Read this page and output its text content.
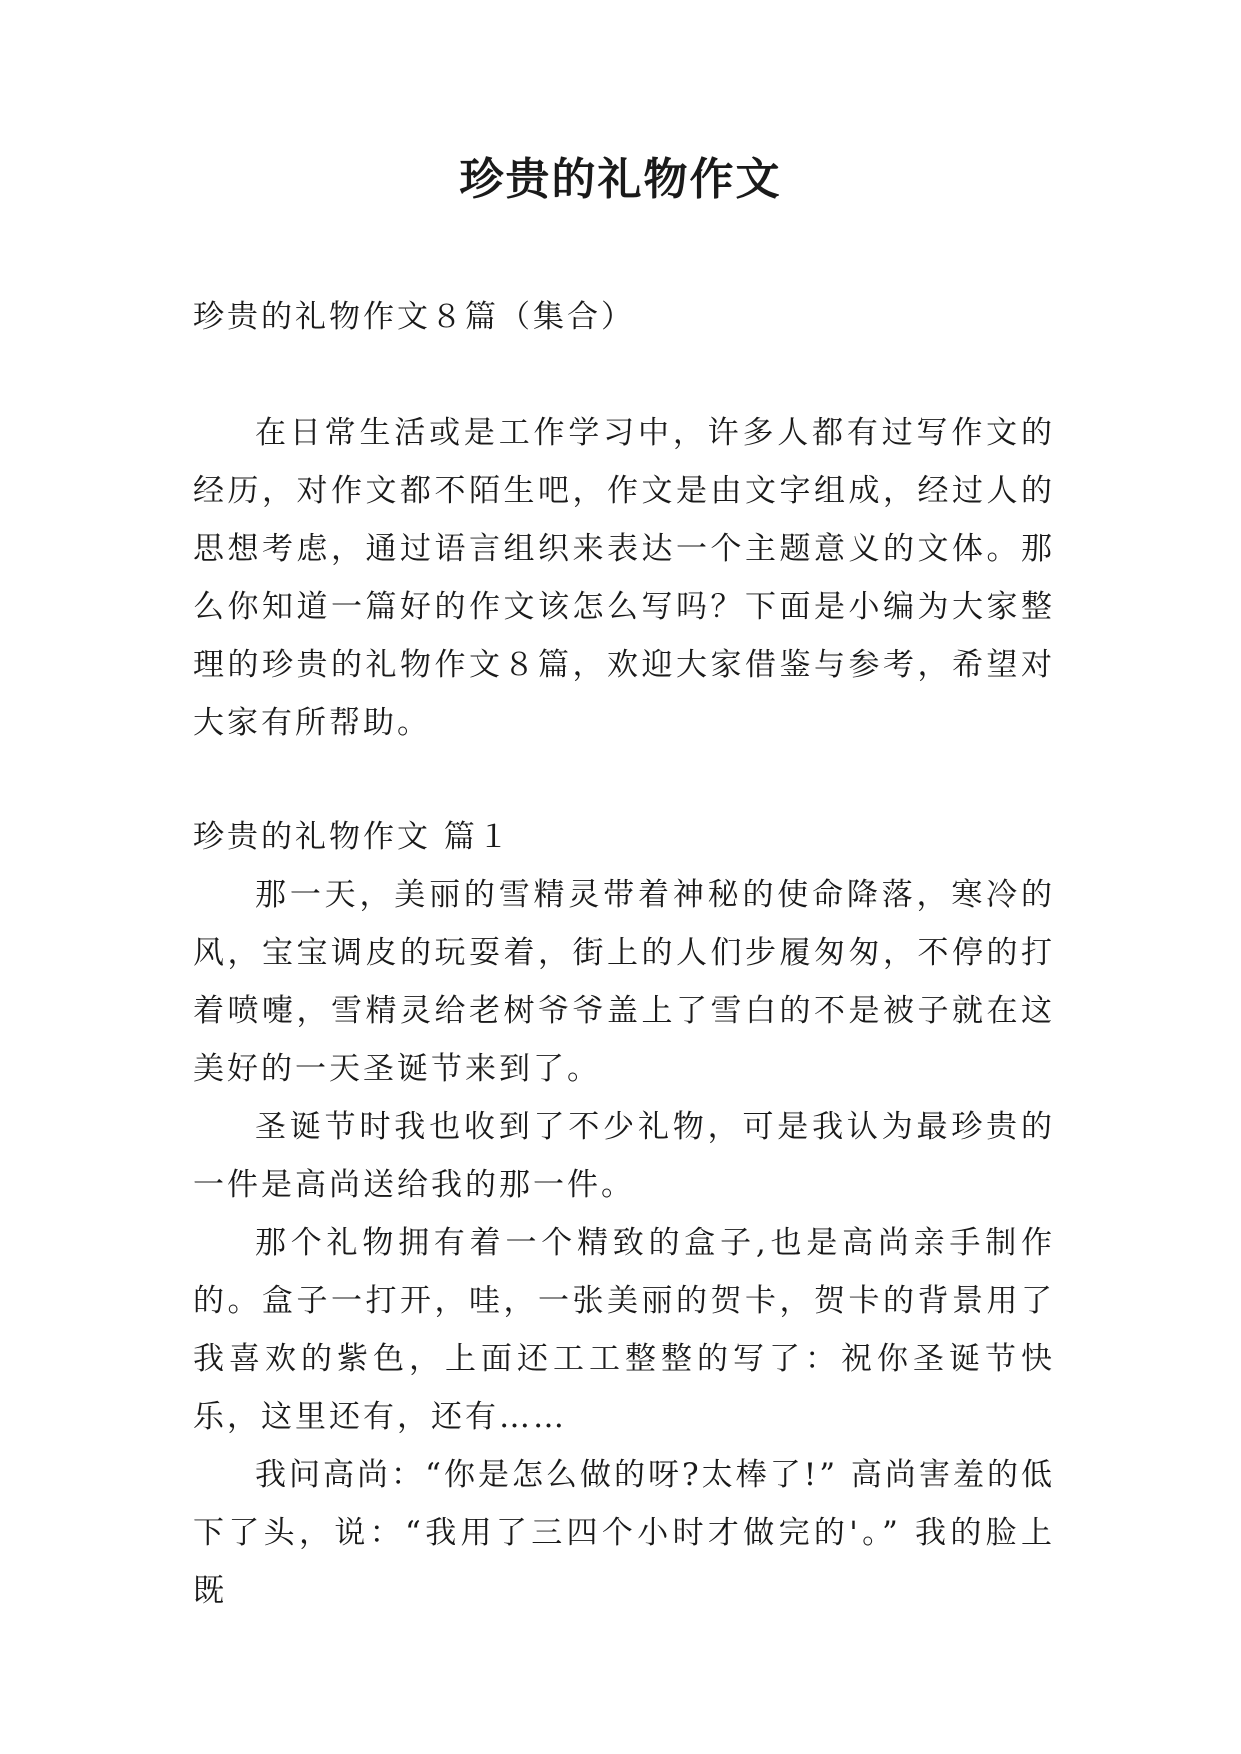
珍贵的礼物作文

珍贵的礼物作文８篇（集合）

在日常生活或是工作学习中，许多人都有过写作文的经历，对作文都不陌生吧，作文是由文字组成，经过人的思想考虑，通过语言组织来表达一个主题意义的文体。那么你知道一篇好的作文该怎么写吗？下面是小编为大家整理的珍贵的礼物作文８篇，欢迎大家借鉴与参考，希望对大家有所帮助。

珍贵的礼物作文 篇１

那一天，美丽的雪精灵带着神秘的使命降落，寒冷的风，宝宝调皮的玩耍着，街上的人们步履匆匆，不停的打着喷嚏，雪精灵给老树爷爷盖上了雪白的不是被子就在这美好的一天圣诞节来到了。

圣诞节时我也收到了不少礼物，可是我认为最珍贵的一件是高尚送给我的那一件。

那个礼物拥有着一个精致的盒子,也是高尚亲手制作的。盒子一打开，哇，一张美丽的贺卡，贺卡的背景用了我喜欢的紫色，上面还工工整整的写了：祝你圣诞节快乐，这里还有，还有……

我问高尚：“你是怎么做的呀?太棒了!” 高尚害羞的低下了头，说：“我用了三四个小时才做完的'。” 我的脸上既
